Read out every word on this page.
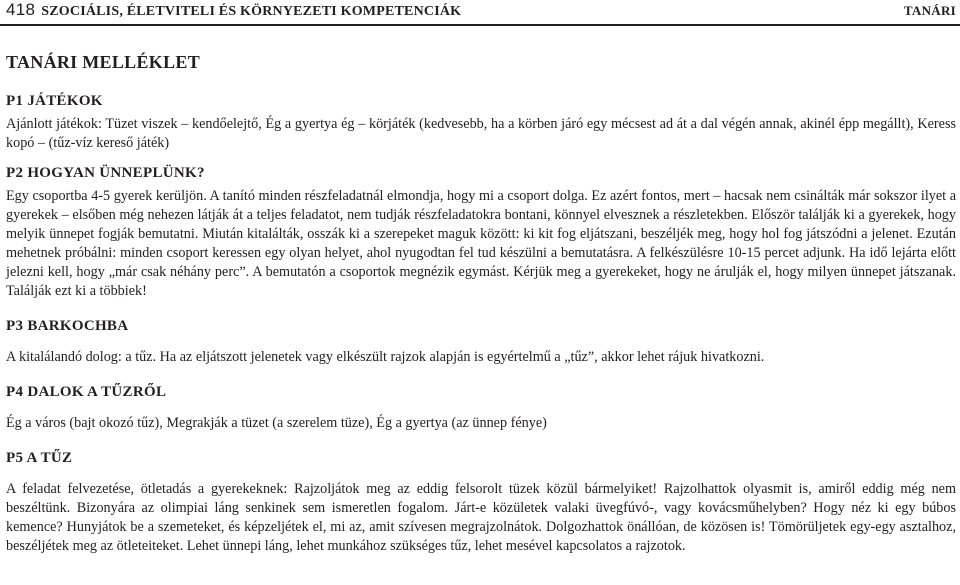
418 SZOCIÁLIS, ÉLETVITELI ÉS KÖRNYEZETI KOMPETENCIÁK	TANÁRI
TANÁRI MELLÉKLET
P1 JÁTÉKOK

Ajánlott játékok: Tüzet viszek – kendőelejtő, Ég a gyertya ég – körjáték (kedvesebb, ha a körben járó egy mécsest ad át a dal végén annak, akinél épp megállt), Keress kopó – (tűz-víz kereső játék)

P2 HOGYAN ÜNNEPLÜNK?

Egy csoportba 4-5 gyerek kerüljön. A tanító minden részfeladatnál elmondja, hogy mi a csoport dolga. Ez azért fontos, mert – hacsak nem csinálták már sokszor ilyet a gyerekek – elsőben még nehezen látják át a teljes feladatot, nem tudják részfeladatokra bontani, könnyel elvesznek a részletekben. Először találják ki a gyerekek, hogy melyik ünnepet fogják bemutatni. Miután kitalálták, osszák ki a szerepeket maguk között: ki kit fog eljátszani, beszéljék meg, hogy hol fog játszódni a jelenet. Ezután mehetnek próbálni: minden csoport keressen egy olyan helyet, ahol nyugodtan fel tud készülni a bemutatásra. A felkészülésre 10-15 percet adjunk. Ha idő lejárta előtt jelezni kell, hogy „már csak néhány perc”. A bemutatón a csoportok megnézik egymást. Kérjük meg a gyerekeket, hogy ne árulják el, hogy milyen ünnepet játszanak. Találják ezt ki a többiek!

P3 BARKOCHBA

A kitalálandó dolog: a tűz. Ha az eljátszott jelenetek vagy elkészült rajzok alapján is egyértelmű a „tűz”, akkor lehet rájuk hivatkozni.

P4 DALOK A TŰZRŐL

Ég a város (bajt okozó tűz), Megrakják a tüzet (a szerelem tüze), Ég a gyertya (az ünnep fénye)

P5 A TŰZ

A feladat felvezetése, ötletadás a gyerekeknek: Rajzoljátok meg az eddig felsorolt tüzek közül bármelyiket! Rajzolhattok olyasmit is, amiről eddig még nem beszéltünk. Bizonyára az olimpiai láng senkinek sem ismeretlen fogalom. Járt-e közületek valaki üvegfúvó-, vagy kovácsműhelyben? Hogy néz ki egy búbos kemence? Hunyjátok be a szemeteket, és képzeljétek el, mi az, amit szívesen megrajzolnátok. Dolgozhattok önállóan, de közösen is! Tömörüljetek egy-egy asztalhoz, beszéljétek meg az ötleteiteket. Lehet ünnepi láng, lehet munkához szükséges tűz, lehet mesével kapcsolatos a rajzotok.
